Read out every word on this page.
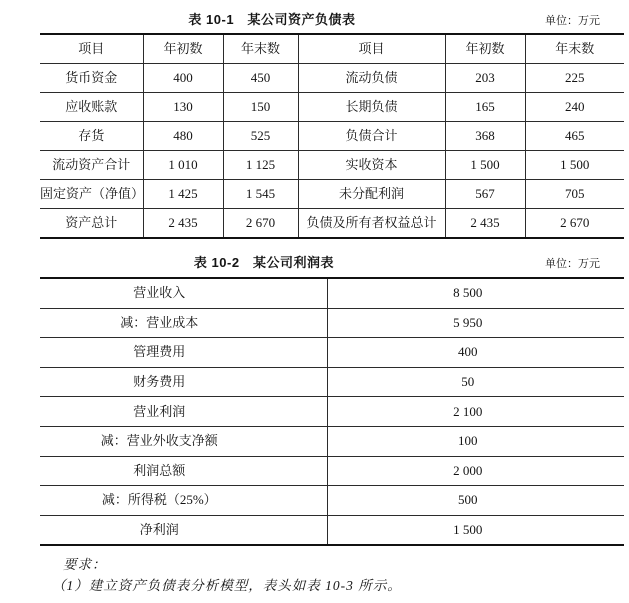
表 10-1　某公司资产负债表	单位：万元
项目	年初数	年末数	项目	年初数	年末数
货币资金	400	450	流动负债	203	225
应收账款	130	150	长期负债	165	240
存货	480	525	负债合计	368	465
流动资产合计	1 010	1 125	实收资本	1 500	1 500
固定资产（净值）	1 425	1 545	未分配利润	567	705
资产总计	2 435	2 670	负债及所有者权益总计	2 435	2 670
表 10-2　某公司利润表	单位：万元
营业收入	8 500
减：营业成本	5 950
管理费用	400
财务费用	50
营业利润	2 100
减：营业外收支净额	100
利润总额	2 000
减：所得税（25%）	500
净利润	1 500
要求：
（1）建立资产负债表分析模型，表头如表 10-3 所示。
